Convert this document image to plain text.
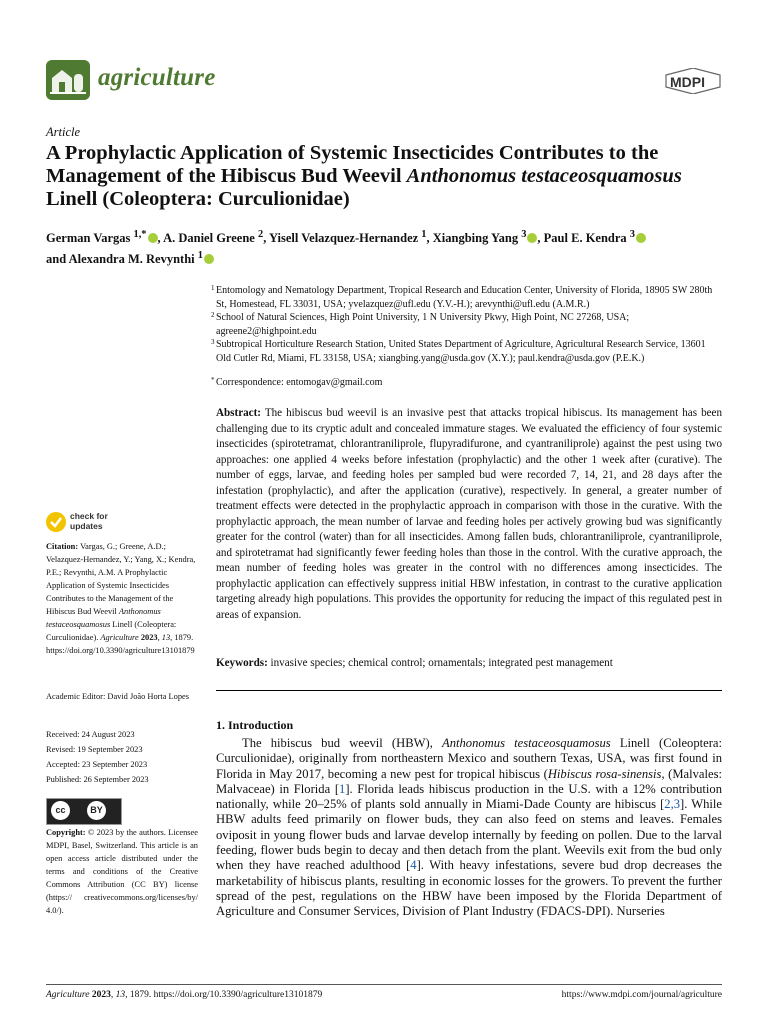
agriculture	MDPI
Article
A Prophylactic Application of Systemic Insecticides Contributes to the Management of the Hibiscus Bud Weevil Anthonomus testaceosquamosus Linell (Coleoptera: Curculionidae)
German Vargas $^{1,*}$ , A. Daniel Greene $^2$, Yisell Velazquez-Hernandez $^1$, Xiangbing Yang $^3$ , Paul E. Kendra $^3$
and Alexandra M. Revynthi $^1$
1 Entomology and Nematology Department, Tropical Research and Education Center, University of Florida, 18905 SW 280th St, Homestead, FL 33031, USA; yvelazquez@ufl.edu (Y.V.-H.); arevynthi@ufl.edu (A.M.R.)
2 School of Natural Sciences, High Point University, 1 N University Pkwy, High Point, NC 27268, USA; agreene2@highpoint.edu
3 Subtropical Horticulture Research Station, United States Department of Agriculture, Agricultural Research Service, 13601 Old Cutler Rd, Miami, FL 33158, USA; xiangbing.yang@usda.gov (X.Y.); paul.kendra@usda.gov (P.E.K.)
* Correspondence: entomogav@gmail.com
Abstract: The hibiscus bud weevil is an invasive pest that attacks tropical hibiscus. Its management has been challenging due to its cryptic adult and concealed immature stages. We evaluated the efficiency of four systemic insecticides (spirotetramat, chlorantraniliprole, flupyradifurone, and cyantraniliprole) against the pest using two approaches: one applied 4 weeks before infestation (prophylactic) and the other 1 week after (curative). The number of eggs, larvae, and feeding holes per sampled bud were recorded 7, 14, 21, and 28 days after the infestation (prophylactic), and after the application (curative), respectively. In general, a greater number of treatment effects were detected in the prophylactic approach in comparison with those in the curative. With the prophylactic approach, the mean number of larvae and feeding holes per actively growing bud was significantly greater for the control (water) than for all insecticides. Among fallen buds, chlorantraniliprole, cyantraniliprole, and spirotetramat had significantly fewer feeding holes than those in the control. With the curative approach, the mean number of feeding holes was greater in the control with no differences among insecticides. The prophylactic application can effectively suppress initial HBW infestation, in contrast to the curative application targeting already high populations. This provides the opportunity for reducing the impact of this regulated pest in areas of expansion.
Keywords: invasive species; chemical control; ornamentals; integrated pest management
check for
updates
Citation: Vargas, G.; Greene, A.D.; Velazquez-Hernandez, Y.; Yang, X.; Kendra, P.E.; Revynthi, A.M. A Prophylactic Application of Systemic Insecticides Contributes to the Management of the Hibiscus Bud Weevil Anthonomus testaceosquamosus Linell (Coleoptera: Curculionidae). Agriculture 2023, 13, 1879. https://doi.org/10.3390/agriculture13101879
Academic Editor: David João Horta Lopes
Received: 24 August 2023
Revised: 19 September 2023
Accepted: 23 September 2023
Published: 26 September 2023
cc	BY
Copyright: © 2023 by the authors. Licensee MDPI, Basel, Switzerland. This article is an open access article distributed under the terms and conditions of the Creative Commons Attribution (CC BY) license (https:// creativecommons.org/licenses/by/ 4.0/).
1. Introduction
The hibiscus bud weevil (HBW), Anthonomus testaceosquamosus Linell (Coleoptera: Curculionidae), originally from northeastern Mexico and southern Texas, USA, was first found in Florida in May 2017, becoming a new pest for tropical hibiscus (Hibiscus rosa-sinensis, (Malvales: Malvaceae) in Florida [1]. Florida leads hibiscus production in the U.S. with a 12% contribution nationally, while 20–25% of plants sold annually in Miami-Dade County are hibiscus [2,3]. While HBW adults feed primarily on flower buds, they can also feed on stems and leaves. Females oviposit in young flower buds and larvae develop internally by feeding on pollen. Due to the larval feeding, flower buds begin to decay and then detach from the plant. Weevils exit from the bud only when they have reached adulthood [4]. With heavy infestations, severe bud drop decreases the marketability of hibiscus plants, resulting in economic losses for the growers. To prevent the further spread of the pest, regulations on the HBW have been imposed by the Florida Department of Agriculture and Consumer Services, Division of Plant Industry (FDACS-DPI). Nurseries
Agriculture 2023, 13, 1879. https://doi.org/10.3390/agriculture13101879	https://www.mdpi.com/journal/agriculture
